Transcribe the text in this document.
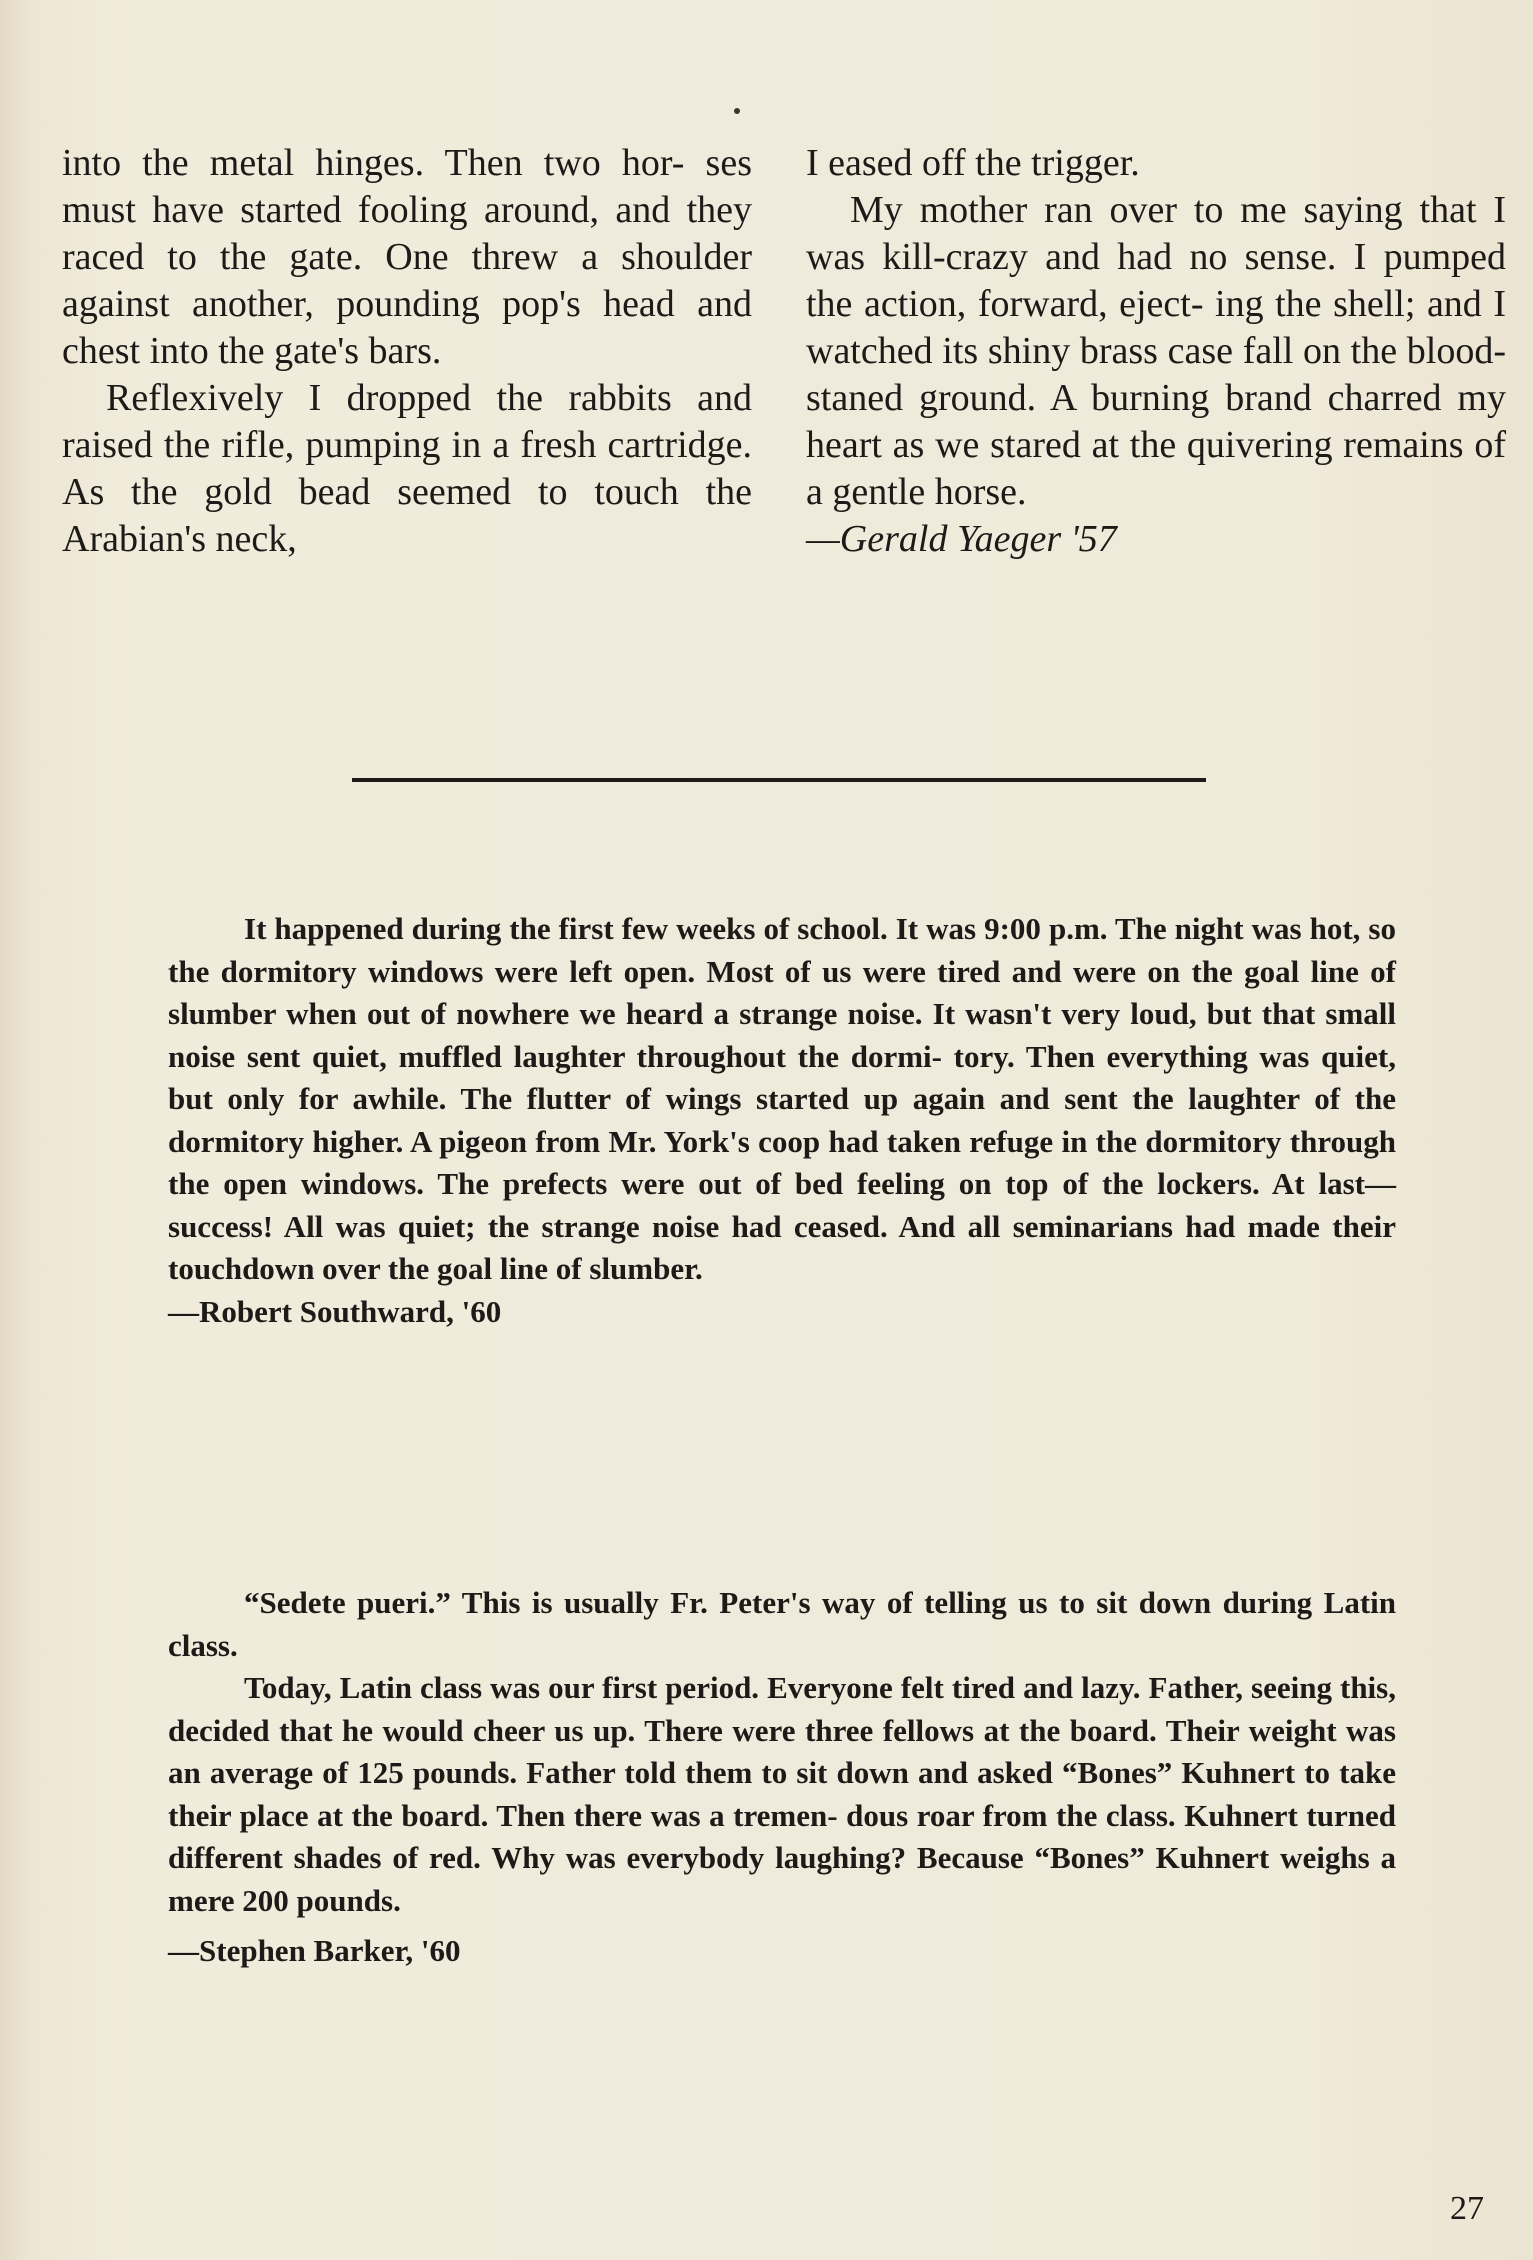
into the metal hinges. Then two hor- ses must have started fooling around, and they raced to the gate. One threw a shoulder against another, pounding pop's head and chest into the gate's bars.

Reflexively I dropped the rabbits and raised the rifle, pumping in a fresh cartridge. As the gold bead seemed to touch the Arabian's neck,

I eased off the trigger.

My mother ran over to me saying that I was kill-crazy and had no sense. I pumped the action, forward, eject- ing the shell; and I watched its shiny brass case fall on the blood-staned ground. A burning brand charred my heart as we stared at the quivering remains of a gentle horse.

—Gerald Yaeger '57

It happened during the first few weeks of school. It was 9:00 p.m. The night was hot, so the dormitory windows were left open. Most of us were tired and were on the goal line of slumber when out of nowhere we heard a strange noise. It wasn't very loud, but that small noise sent quiet, muffled laughter throughout the dormi- tory. Then everything was quiet, but only for awhile. The flutter of wings started up again and sent the laughter of the dormitory higher. A pigeon from Mr. York's coop had taken refuge in the dormitory through the open windows. The prefects were out of bed feeling on top of the lockers. At last—success! All was quiet; the strange noise had ceased. And all seminarians had made their touchdown over the goal line of slumber.

—Robert Southward, '60

“Sedete pueri.” This is usually Fr. Peter's way of telling us to sit down during Latin class.

Today, Latin class was our first period. Everyone felt tired and lazy. Father, seeing this, decided that he would cheer us up. There were three fellows at the board. Their weight was an average of 125 pounds. Father told them to sit down and asked “Bones” Kuhnert to take their place at the board. Then there was a tremen- dous roar from the class. Kuhnert turned different shades of red. Why was everybody laughing? Because “Bones” Kuhnert weighs a mere 200 pounds.

—Stephen Barker, '60

27
